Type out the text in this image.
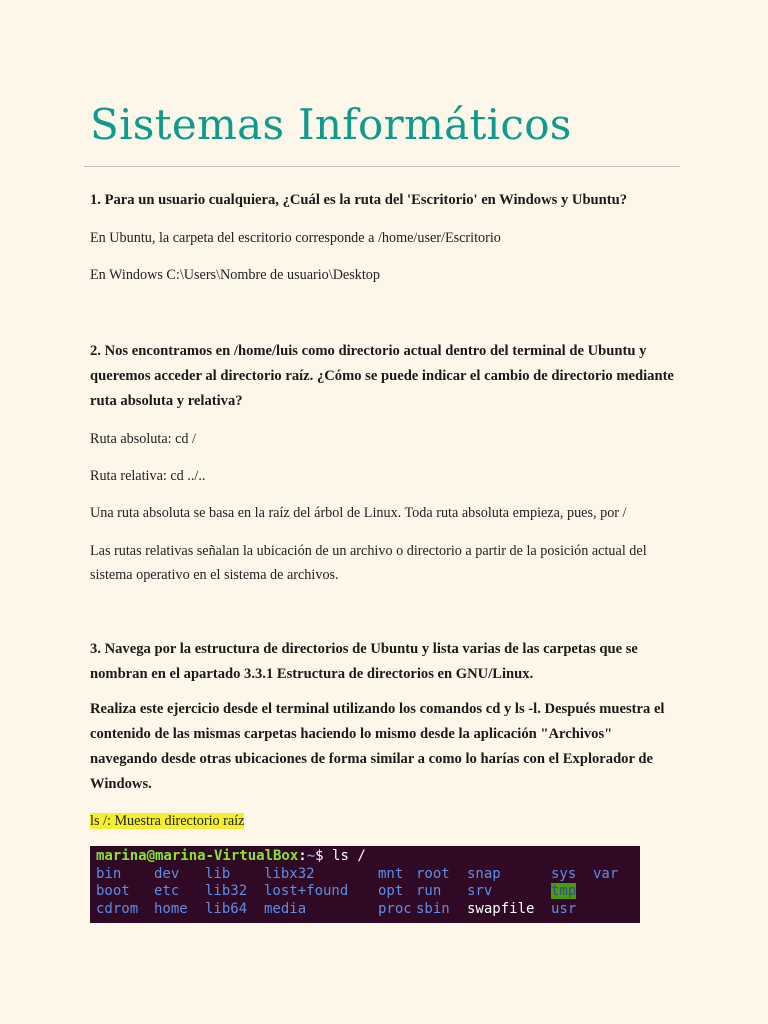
Sistemas Informáticos

1. Para un usuario cualquiera, ¿Cuál es la ruta del 'Escritorio' en Windows y Ubuntu?

En Ubuntu, la carpeta del escritorio corresponde a /home/user/Escritorio

En Windows C:\Users\Nombre de usuario\Desktop

2. Nos encontramos en /home/luis como directorio actual dentro del terminal de Ubuntu y queremos acceder al directorio raíz. ¿Cómo se puede indicar el cambio de directorio mediante ruta absoluta y relativa?

Ruta absoluta: cd /

Ruta relativa: cd ../..

Una ruta absoluta se basa en la raíz del árbol de Linux. Toda ruta absoluta empieza, pues, por /

Las rutas relativas señalan la ubicación de un archivo o directorio a partir de la posición actual del sistema operativo en el sistema de archivos.

3. Navega por la estructura de directorios de Ubuntu y lista varias de las carpetas que se nombran en el apartado 3.3.1 Estructura de directorios en GNU/Linux.

Realiza este ejercicio desde el terminal utilizando los comandos cd y ls -l. Después muestra el contenido de las mismas carpetas haciendo lo mismo desde la aplicación "Archivos" navegando desde otras ubicaciones de forma similar a como lo harías con el Explorador de Windows.

ls /: Muestra directorio raíz

marina@marina-VirtualBox:~$ ls /
bin	dev	lib	libx32	mnt root	snap	sys	var
boot	etc	lib32	lost+found	opt run	srv	tmp
cdrom	home	lib64	media	proc sbin	swapfile	usr
